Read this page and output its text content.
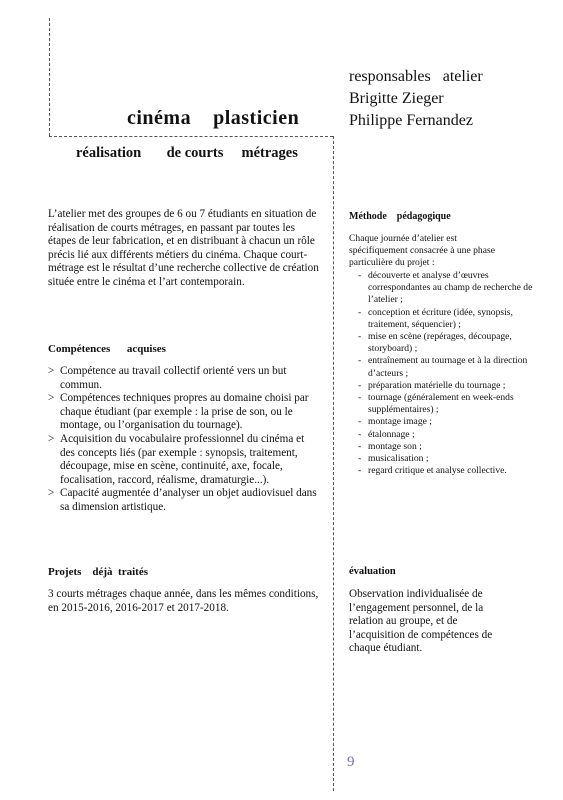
cinéma    plasticien
réalisation       de courts     métrages
responsables   atelier
Brigitte Zieger
Philippe Fernandez
L’atelier met des groupes de 6 ou 7 étudiants en situation de réalisation de courts métrages, en passant par toutes les étapes de leur fabrication, et en distribuant à chacun un rôle précis lié aux différents métiers du cinéma. Chaque court-métrage est le résultat d’une recherche collective de création située entre le cinéma et l’art contemporain.
Compétences      acquises
> Compétence au travail collectif orienté vers un but commun.
> Compétences techniques propres au domaine choisi par chaque étudiant (par exemple : la prise de son, ou le montage, ou l’organisation du tournage).
> Acquisition du vocabulaire professionnel du cinéma et des concepts liés (par exemple : synopsis, traitement, découpage, mise en scène, continuité, axe, focale, focalisation, raccord, réalisme, dramaturgie...).
> Capacité augmentée d’analyser un objet audiovisuel dans sa dimension artistique.
Projets    déjà  traités
3 courts métrages chaque année, dans les mêmes conditions, en 2015-2016, 2016-2017 et 2017-2018.
Méthode    pédagogique
Chaque journée d’atelier est spécifiquement consacrée à une phase particulière du projet :
- découverte et analyse d’œuvres correspondantes au champ de recherche de l’atelier ;
- conception et écriture (idée, synopsis, traitement, séquencier) ;
- mise en scène (repérages, découpage, storyboard) ;
- entraînement au tournage et à la direction d’acteurs ;
- préparation matérielle du tournage ;
- tournage (généralement en week-ends supplémentaires) ;
- montage image ;
- étalonnage ;
- montage son ;
- musicalisation ;
- regard critique et analyse collective.
évaluation
Observation individualisée de l’engagement personnel, de la relation au groupe, et de l’acquisition de compétences de chaque étudiant.
9
